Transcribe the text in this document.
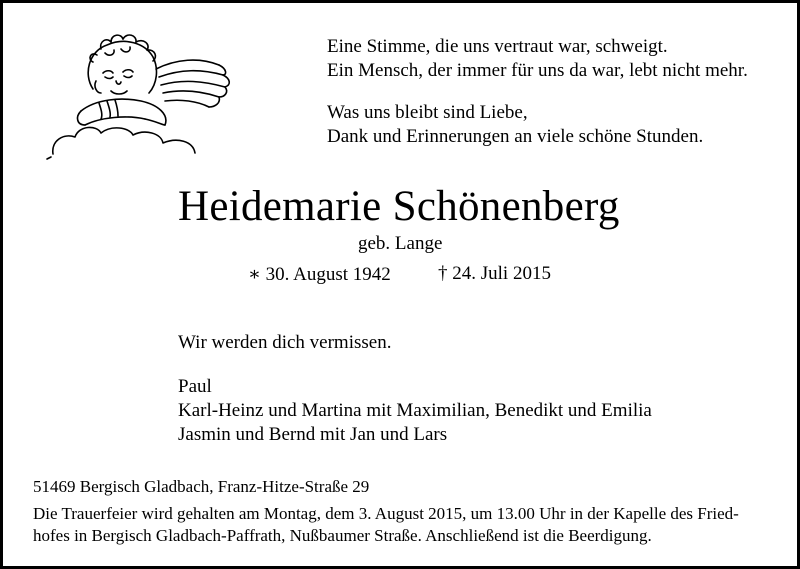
Eine Stimme, die uns vertraut war, schweigt.

Ein Mensch, der immer für uns da war, lebt nicht mehr.

Was uns bleibt sind Liebe,

Dank und Erinnerungen an viele schöne Stunden.

Heidemarie Schönenberg
geb. Lange
∗ 30. August 1942 † 24. Juli 2015
Wir werden dich vermissen.
Paul
Karl-Heinz und Martina mit Maximilian, Benedikt und Emilia
Jasmin und Bernd mit Jan und Lars
51469 Bergisch Gladbach, Franz-Hitze-Straße 29
Die Trauerfeier wird gehalten am Montag, dem 3. August 2015, um 13.00 Uhr in der Kapelle des Fried-
hofes in Bergisch Gladbach-Paffrath, Nußbaumer Straße. Anschließend ist die Beerdigung.
